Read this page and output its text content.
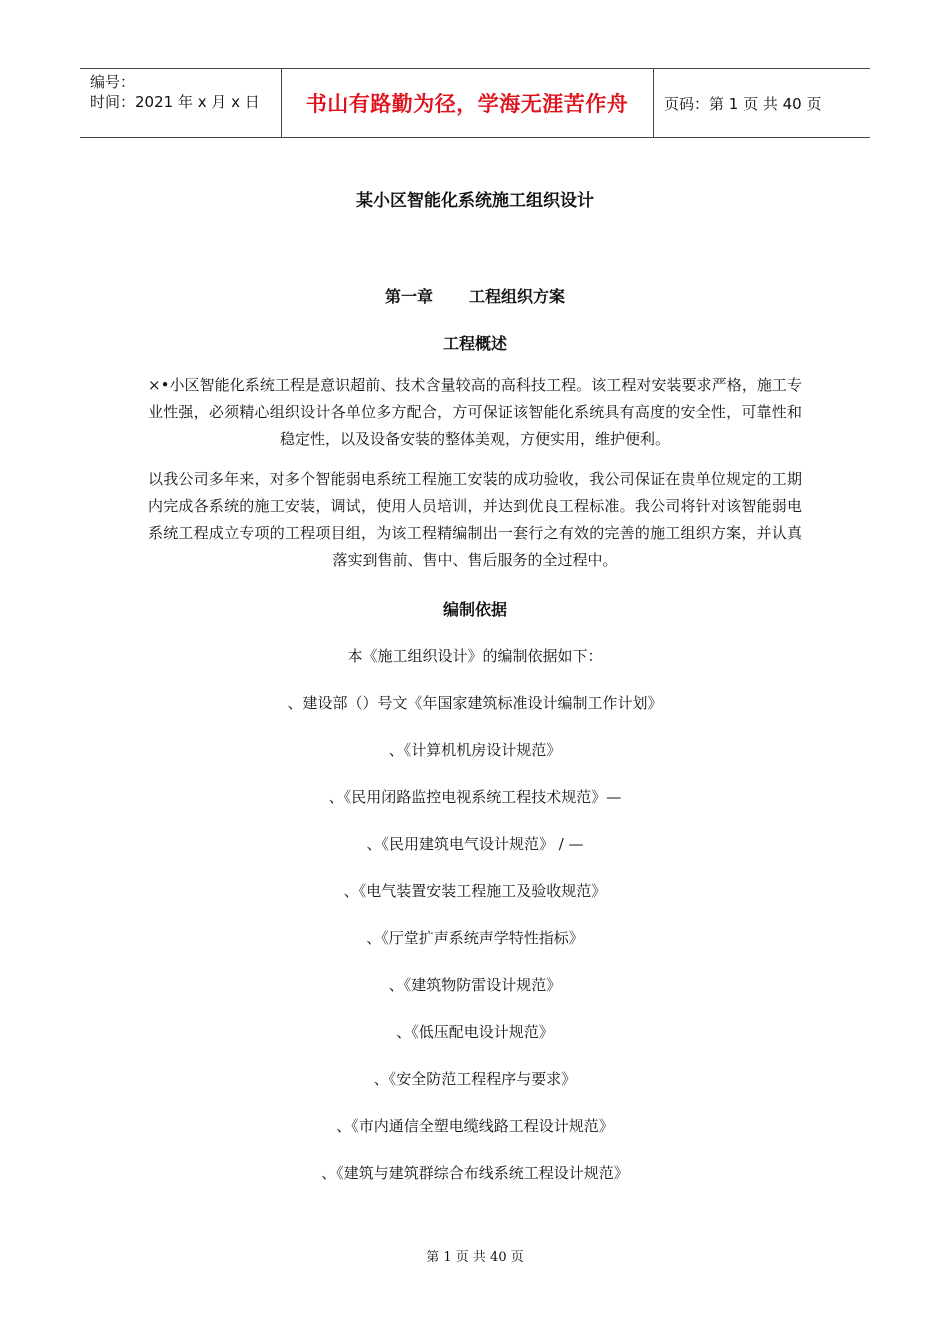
编号：
时间：2021 年 x 月 x 日 书山有路勤为径，学海无涯苦作舟	页码：第 1 页 共 40 页
某小区智能化系统施工组织设计
第一章 工程组织方案
工程概述
×•小区智能化系统工程是意识超前、技术含量较高的高科技工程。该工程对安装要求严格，施工专业性强，必须精心组织设计各单位多方配合，方可保证该智能化系统具有高度的安全性，可靠性和稳定性，以及设备安装的整体美观，方便实用，维护便利。
以我公司多年来，对多个智能弱电系统工程施工安装的成功验收，我公司保证在贵单位规定的工期内完成各系统的施工安装，调试，使用人员培训，并达到优良工程标准。我公司将针对该智能弱电系统工程成立专项的工程项目组，为该工程精编制出一套行之有效的完善的施工组织方案，并认真落实到售前、售中、售后服务的全过程中。
编制依据
本《施工组织设计》的编制依据如下：
、建设部（）号文《年国家建筑标准设计编制工作计划》
、《计算机机房设计规范》
、《民用闭路监控电视系统工程技术规范》—
、《民用建筑电气设计规范》 / —
、《电气装置安装工程施工及验收规范》
、《厅堂扩声系统声学特性指标》
、《建筑物防雷设计规范》
、《低压配电设计规范》
、《安全防范工程程序与要求》
、《市内通信全塑电缆线路工程设计规范》
、《建筑与建筑群综合布线系统工程设计规范》
第 1 页 共 40 页
